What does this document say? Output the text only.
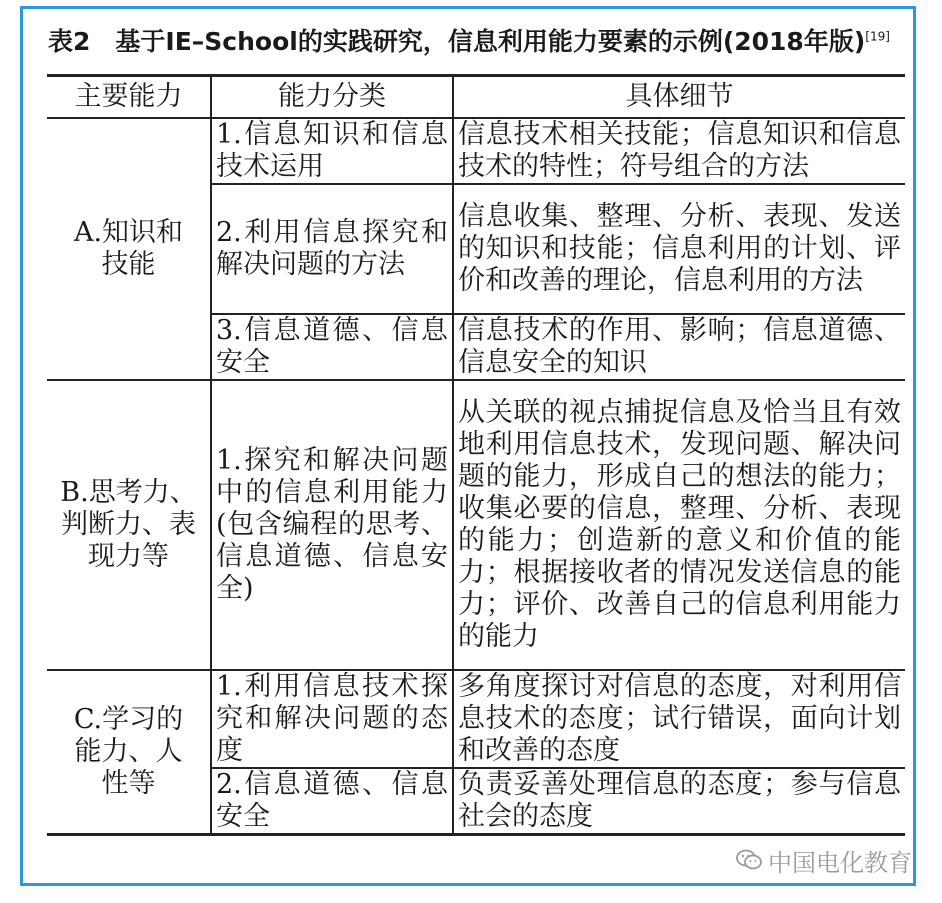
表2　基于IE–School的实践研究，信息利用能力要素的示例(2018年版)[19]
主要能力	能力分类	具体细节
A.知识和技能	1.信息知识和信息技术运用	信息技术相关技能；信息知识和信息技术的特性；符号组合的方法
	2.利用信息探究和解决问题的方法	信息收集、整理、分析、表现、发送的知识和技能；信息利用的计划、评价和改善的理论，信息利用的方法
	3.信息道德、信息安全	信息技术的作用、影响；信息道德、信息安全的知识
B.思考力、判断力、表现力等	1.探究和解决问题中的信息利用能力(包含编程的思考、信息道德、信息安全)	从关联的视点捕捉信息及恰当且有效地利用信息技术，发现问题、解决问题的能力，形成自己的想法的能力；收集必要的信息，整理、分析、表现的能力；创造新的意义和价值的能力；根据接收者的情况发送信息的能力；评价、改善自己的信息利用能力的能力
C.学习的能力、人性等	1.利用信息技术探究和解决问题的态度	多角度探讨对信息的态度，对利用信息技术的态度；试行错误，面向计划和改善的态度
	2.信息道德、信息安全	负责妥善处理信息的态度；参与信息社会的态度
中国电化教育
